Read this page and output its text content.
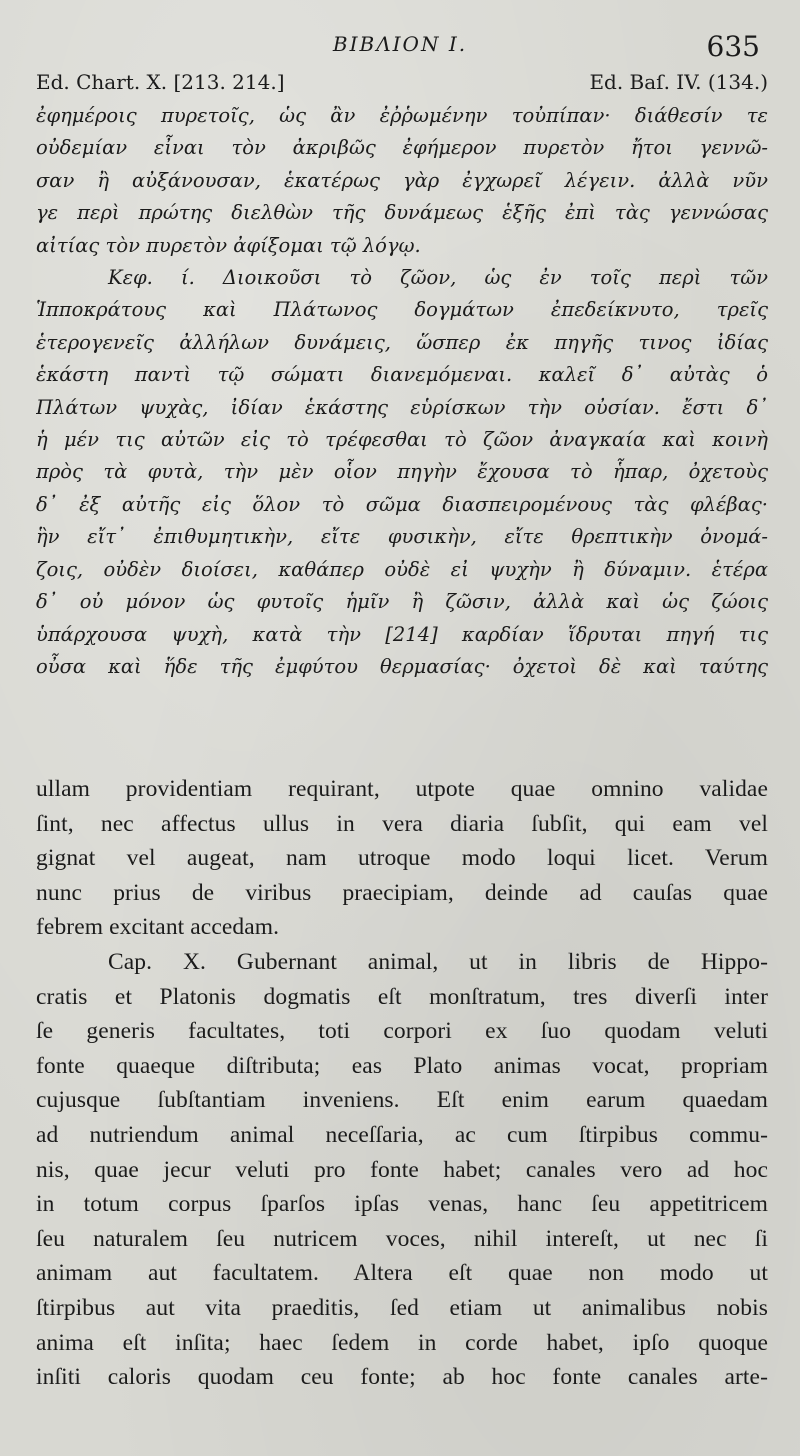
ΒΙΒΛΙΟΝ Ι.	635
Ed. Chart. X. [213. 214.]	Ed. Baſ. IV. (134.)
ἐφημέροις πυρετοῖς, ὡς ἂν ἐῤῥωμένην τοὐπίπαν· διάθεσίν τε
οὐδεμίαν εἶναι τὸν ἀκριβῶς ἐφήμερον πυρετὸν ἤτοι γεννῶ-
σαν ἢ αὐξάνουσαν, ἑκατέρως γὰρ ἐγχωρεῖ λέγειν. ἀλλὰ νῦν
γε περὶ πρώτης διελθὼν τῆς δυνάμεως ἑξῆς ἐπὶ τὰς γεννώσας
αἰτίας τὸν πυρετὸν ἀφίξομαι τῷ λόγῳ.
Κεφ. ί. Διοικοῦσι τὸ ζῶον, ὡς ἐν τοῖς περὶ τῶν
Ἱπποκράτους καὶ Πλάτωνος δογμάτων ἐπεδείκνυτο, τρεῖς
ἑτερογενεῖς ἀλλήλων δυνάμεις, ὥσπερ ἐκ πηγῆς τινος ἰδίας
ἑκάστη παντὶ τῷ σώματι διανεμόμεναι. καλεῖ δ᾽ αὐτὰς ὁ
Πλάτων ψυχὰς, ἰδίαν ἑκάστης εὑρίσκων τὴν οὐσίαν. ἔστι δ᾽
ἡ μέν τις αὐτῶν εἰς τὸ τρέφεσθαι τὸ ζῶον ἀναγκαία καὶ κοινὴ
πρὸς τὰ φυτὰ, τὴν μὲν οἷον πηγὴν ἔχουσα τὸ ἧπαρ, ὀχετοὺς
δ᾽ ἐξ αὐτῆς εἰς ὅλον τὸ σῶμα διασπειρομένους τὰς φλέβας·
ἣν εἴτ᾽ ἐπιθυμητικὴν, εἴτε φυσικὴν, εἴτε θρεπτικὴν ὀνομά-
ζοις, οὐδὲν διοίσει, καθάπερ οὐδὲ εἰ ψυχὴν ἢ δύναμιν. ἑτέρα
δ᾽ οὐ μόνον ὡς φυτοῖς ἡμῖν ἢ ζῶσιν, ἀλλὰ καὶ ὡς ζώοις
ὑπάρχουσα ψυχὴ, κατὰ τὴν [214] καρδίαν ἵδρυται πηγή τις
οὖσα καὶ ἥδε τῆς ἐμφύτου θερμασίας· ὀχετοὶ δὲ καὶ ταύτης
ullam providentiam requirant, utpote quae omnino validae
ſint, nec affectus ullus in vera diaria ſubſit, qui eam vel
gignat vel augeat, nam utroque modo loqui licet. Verum
nunc prius de viribus praecipiam, deinde ad cauſas quae
febrem excitant accedam.
Cap. X. Gubernant animal, ut in libris de Hippo-
cratis et Platonis dogmatis eſt monſtratum, tres diverſi inter
ſe generis facultates, toti corpori ex ſuo quodam veluti
fonte quaeque diſtributa; eas Plato animas vocat, propriam
cujusque ſubſtantiam inveniens. Eſt enim earum quaedam
ad nutriendum animal neceſſaria, ac cum ſtirpibus commu-
nis, quae jecur veluti pro fonte habet; canales vero ad hoc
in totum corpus ſparſos ipſas venas, hanc ſeu appetitricem
ſeu naturalem ſeu nutricem voces, nihil intereſt, ut nec ſi
animam aut facultatem. Altera eſt quae non modo ut
ſtirpibus aut vita praeditis, ſed etiam ut animalibus nobis
anima eſt inſita; haec ſedem in corde habet, ipſo quoque
inſiti caloris quodam ceu fonte; ab hoc fonte canales arte-
